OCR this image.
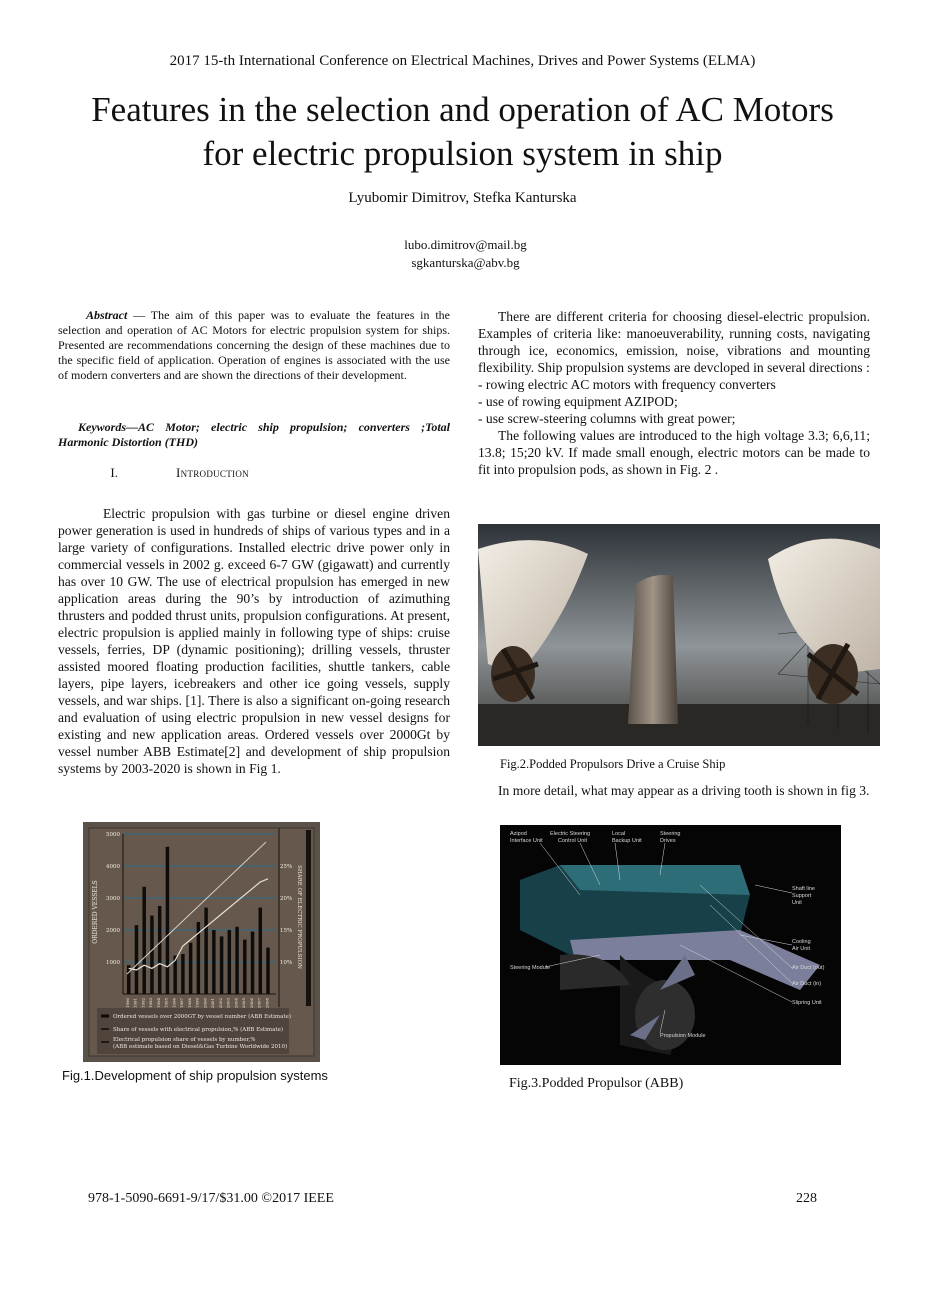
2017 15-th International Conference on Electrical Machines, Drives and Power Systems (ELMA)
Features in the selection and operation of AC Motors
for electric propulsion system in ship
Lyubomir Dimitrov, Stefka Kanturska
lubo.dimitrov@mail.bg
sgkanturska@abv.bg
Abstract — The aim of this paper was to evaluate the features in the selection and operation of AC Motors for electric propulsion system for ships. Presented are recommendations concerning the design of these machines due to the specific field of application. Operation of engines is associated with the use of modern converters and are shown the directions of their development.
Keywords—AC Motor; electric ship propulsion; converters ;Total Harmonic Distortion (THD)
I.	Introduction

Electric propulsion with gas turbine or diesel engine driven power generation is used in hundreds of ships of various types and in a large variety of configurations. Installed electric drive power only in commercial vessels in 2002 g. exceed 6-7 GW (gigawatt) and currently has over 10 GW. The use of electrical propulsion has emerged in new application areas during the 90’s by introduction of azimuthing thrusters and podded thrust units, propulsion configurations. At present, electric propulsion is applied mainly in following type of ships: cruise vessels, ferries, DP (dynamic positioning); drilling vessels, thruster assisted moored floating production facilities, shuttle tankers, cable layers, pipe layers, icebreakers and other ice going vessels, supply vessels, and war ships. [1]. There is also a significant on-going research and evaluation of using electric propulsion in new vessel designs for existing and new application areas. Ordered vessels over 2000Gt by vessel number ABB Estimate[2] and development of ship propulsion systems by 2003-2020 is shown in Fig 1.

1000
2000
3000
4000
5000
10%
15%
20%
25%
1990 1991 1992 1993 1994 1995 1996 1997 1998 1999 2000 2001 2002 2003 2004 2005 2006 2007 2008
ORDERED VESSELS	SHARE OF ELECTRIC PROPULSION
Ordered vessels over 2000GT by vessel number (ABB Estimate)
Share of vessels with electrical propulsion,% (ABB Estimate)
Electrical propulsion share of vessels by number,% (ABB estimate based on Diesel&Gas Turbine Worldwide 2010)
Fig.1.Development of ship propulsion systems

There are different criteria for choosing diesel-electric propulsion. Examples of criteria like: manoeuverability, running costs, navigating through ice, economics, emission, noise, vibrations and mounting flexibility. Ship propulsion systems are devcloped in several directions :

- rowing electric AC motors with frequency converters

- use of rowing equipment AZIPOD;

- use screw-steering columns with great power;

The following values are introduced to the high voltage 3.3; 6,6,11; 13.8; 15;20 kV. If made small enough, electric motors can be made to fit into propulsion pods, as shown in Fig. 2 .

Fig.2.Podded Propulsors Drive a Cruise Ship

In more detail, what may appear as a driving tooth is shown in fig 3.

Azipod
Interface Unit
Electric Steering
Control Unit
Local
Backup Unit
Steering
Drives
Shaft line
Support
Unit
Cooling
Air Unit
Air Duct (out)
Air Duct (in)
Slipring Unit
Steering Module
Propulsion Module
Fig.3.Podded Propulsor (ABB)
978-1-5090-6691-9/17/$31.00 ©2017 IEEE	228
